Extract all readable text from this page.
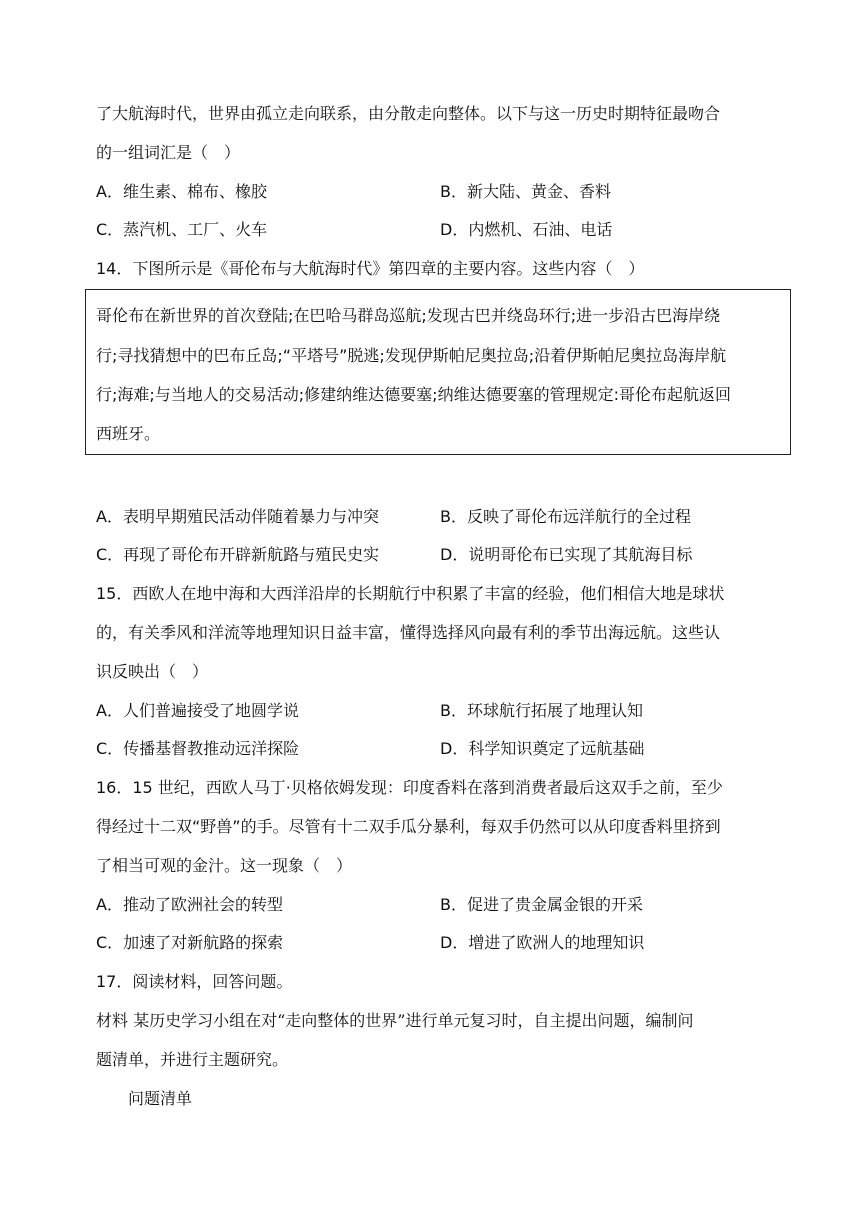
了大航海时代，世界由孤立走向联系，由分散走向整体。以下与这一历史时期特征最吻合
的一组词汇是（　）
A．维生素、棉布、橡胶	B．新大陆、黄金、香料
C．蒸汽机、工厂、火车	D．内燃机、石油、电话
14．下图所示是《哥伦布与大航海时代》第四章的主要内容。这些内容（　）
哥伦布在新世界的首次登陆;在巴哈马群岛巡航;发现古巴并绕岛环行;进一步沿古巴海岸绕
行;寻找猜想中的巴布丘岛;“平塔号”脱逃;发现伊斯帕尼奥拉岛;沿着伊斯帕尼奥拉岛海岸航
行;海难;与当地人的交易活动;修建纳维达德要塞;纳维达德要塞的管理规定:哥伦布起航返回
西班牙。
A．表明早期殖民活动伴随着暴力与冲突	B．反映了哥伦布远洋航行的全过程
C．再现了哥伦布开辟新航路与殖民史实	D．说明哥伦布已实现了其航海目标
15．西欧人在地中海和大西洋沿岸的长期航行中积累了丰富的经验，他们相信大地是球状
的，有关季风和洋流等地理知识日益丰富，懂得选择风向最有利的季节出海远航。这些认
识反映出（　）
A．人们普遍接受了地圆学说	B．环球航行拓展了地理认知
C．传播基督教推动远洋探险	D．科学知识奠定了远航基础
16．15 世纪，西欧人马丁·贝格依姆发现：印度香料在落到消费者最后这双手之前，至少
得经过十二双“野兽”的手。尽管有十二双手瓜分暴利，每双手仍然可以从印度香料里挤到
了相当可观的金汁。这一现象（　）
A．推动了欧洲社会的转型	B．促进了贵金属金银的开采
C．加速了对新航路的探索	D．增进了欧洲人的地理知识
17．阅读材料，回答问题。
材料 某历史学习小组在对“走向整体的世界”进行单元复习时，自主提出问题，编制问
题清单，并进行主题研究。
问题清单
